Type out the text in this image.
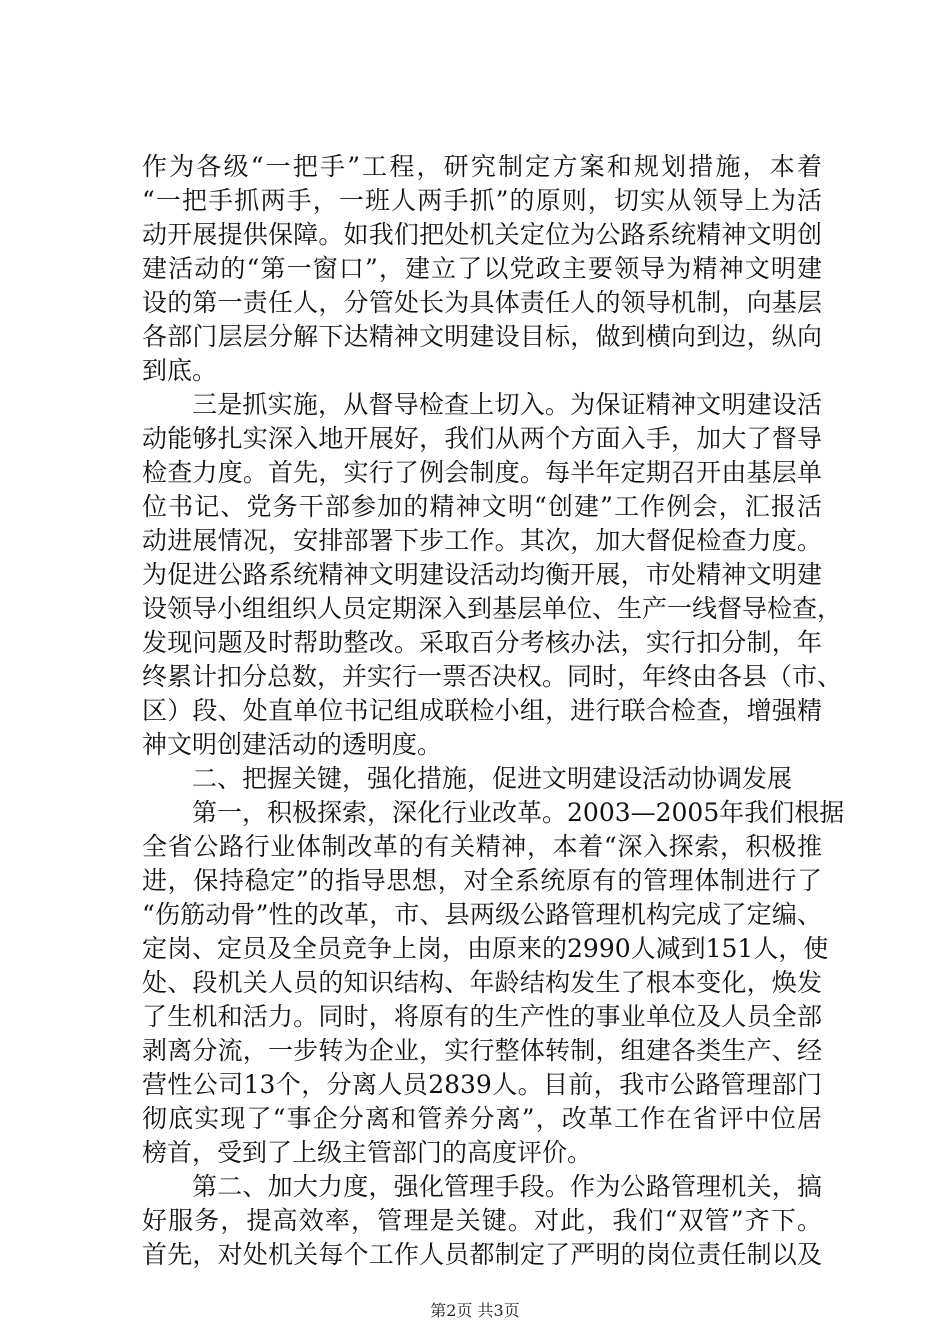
作为各级“一把手”工程，研究制定方案和规划措施，本着
“一把手抓两手，一班人两手抓”的原则，切实从领导上为活
动开展提供保障。如我们把处机关定位为公路系统精神文明创
建活动的“第一窗口”，建立了以党政主要领导为精神文明建
设的第一责任人，分管处长为具体责任人的领导机制，向基层
各部门层层分解下达精神文明建设目标，做到横向到边，纵向
到底。
三是抓实施，从督导检查上切入。为保证精神文明建设活
动能够扎实深入地开展好，我们从两个方面入手，加大了督导
检查力度。首先，实行了例会制度。每半年定期召开由基层单
位书记、党务干部参加的精神文明“创建”工作例会，汇报活
动进展情况，安排部署下步工作。其次，加大督促检查力度。
为促进公路系统精神文明建设活动均衡开展，市处精神文明建
设领导小组组织人员定期深入到基层单位、生产一线督导检查，
发现问题及时帮助整改。采取百分考核办法，实行扣分制，年
终累计扣分总数，并实行一票否决权。同时，年终由各县（市、
区）段、处直单位书记组成联检小组，进行联合检查，增强精
神文明创建活动的透明度。
二、把握关键，强化措施，促进文明建设活动协调发展
第一，积极探索，深化行业改革。2003—2005年我们根据
全省公路行业体制改革的有关精神，本着“深入探索，积极推
进，保持稳定”的指导思想，对全系统原有的管理体制进行了
“伤筋动骨”性的改革，市、县两级公路管理机构完成了定编、
定岗、定员及全员竞争上岗，由原来的2990人减到151人，使
处、段机关人员的知识结构、年龄结构发生了根本变化，焕发
了生机和活力。同时，将原有的生产性的事业单位及人员全部
剥离分流，一步转为企业，实行整体转制，组建各类生产、经
营性公司13个，分离人员2839人。目前，我市公路管理部门
彻底实现了“事企分离和管养分离”，改革工作在省评中位居
榜首，受到了上级主管部门的高度评价。
第二、加大力度，强化管理手段。作为公路管理机关，搞
好服务，提高效率，管理是关键。对此，我们“双管”齐下。
首先，对处机关每个工作人员都制定了严明的岗位责任制以及
第2页 共3页
